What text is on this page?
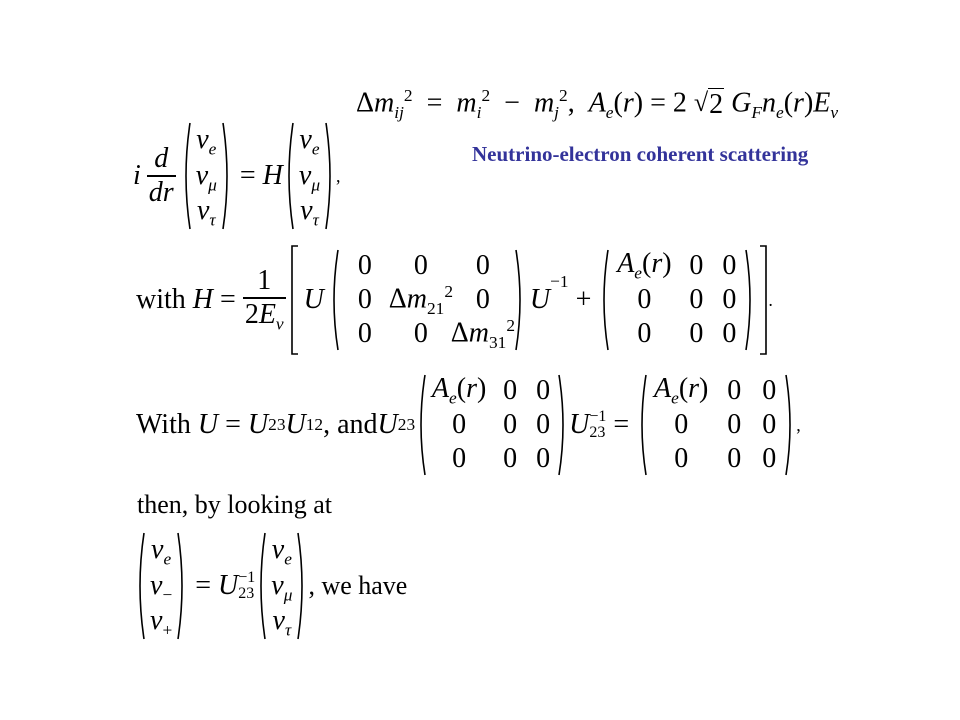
$\Delta m_{ij}^2 = m_i^2 - m_j^2$,  $A_e(r) = 2$ √ 2 $G_Fn_e(r)E_\nu$
Neutrino-electron coherent scattering
i $\frac{d}{dr}$
$\nu_e$
$\nu_\mu$
$\nu_\tau$
= H
$\nu_e$
$\nu_\mu$
$\nu_\tau$
,
with $H = \frac{1}{2E_\nu}$ U
0 0 0
0 $\Delta m_{21}^2$ 0
0 0 $\Delta m_{31}^2$
U
$^{-1}$
+
$A_e(r)$ 0 0
0 0 0
0 0 0
.
With U = U 23 U 12 , and U 23
$A_e(r)$ 0 0
0 0 0
0 0 0
U −1
23 =
$A_e(r)$ 0 0
0 0 0
0 0 0
,
then, by looking at
$\nu_e$
$\nu_-$
$\nu_+$
= U −1
23
$\nu_e$
$\nu_\mu$
$\nu_\tau$
, we have
